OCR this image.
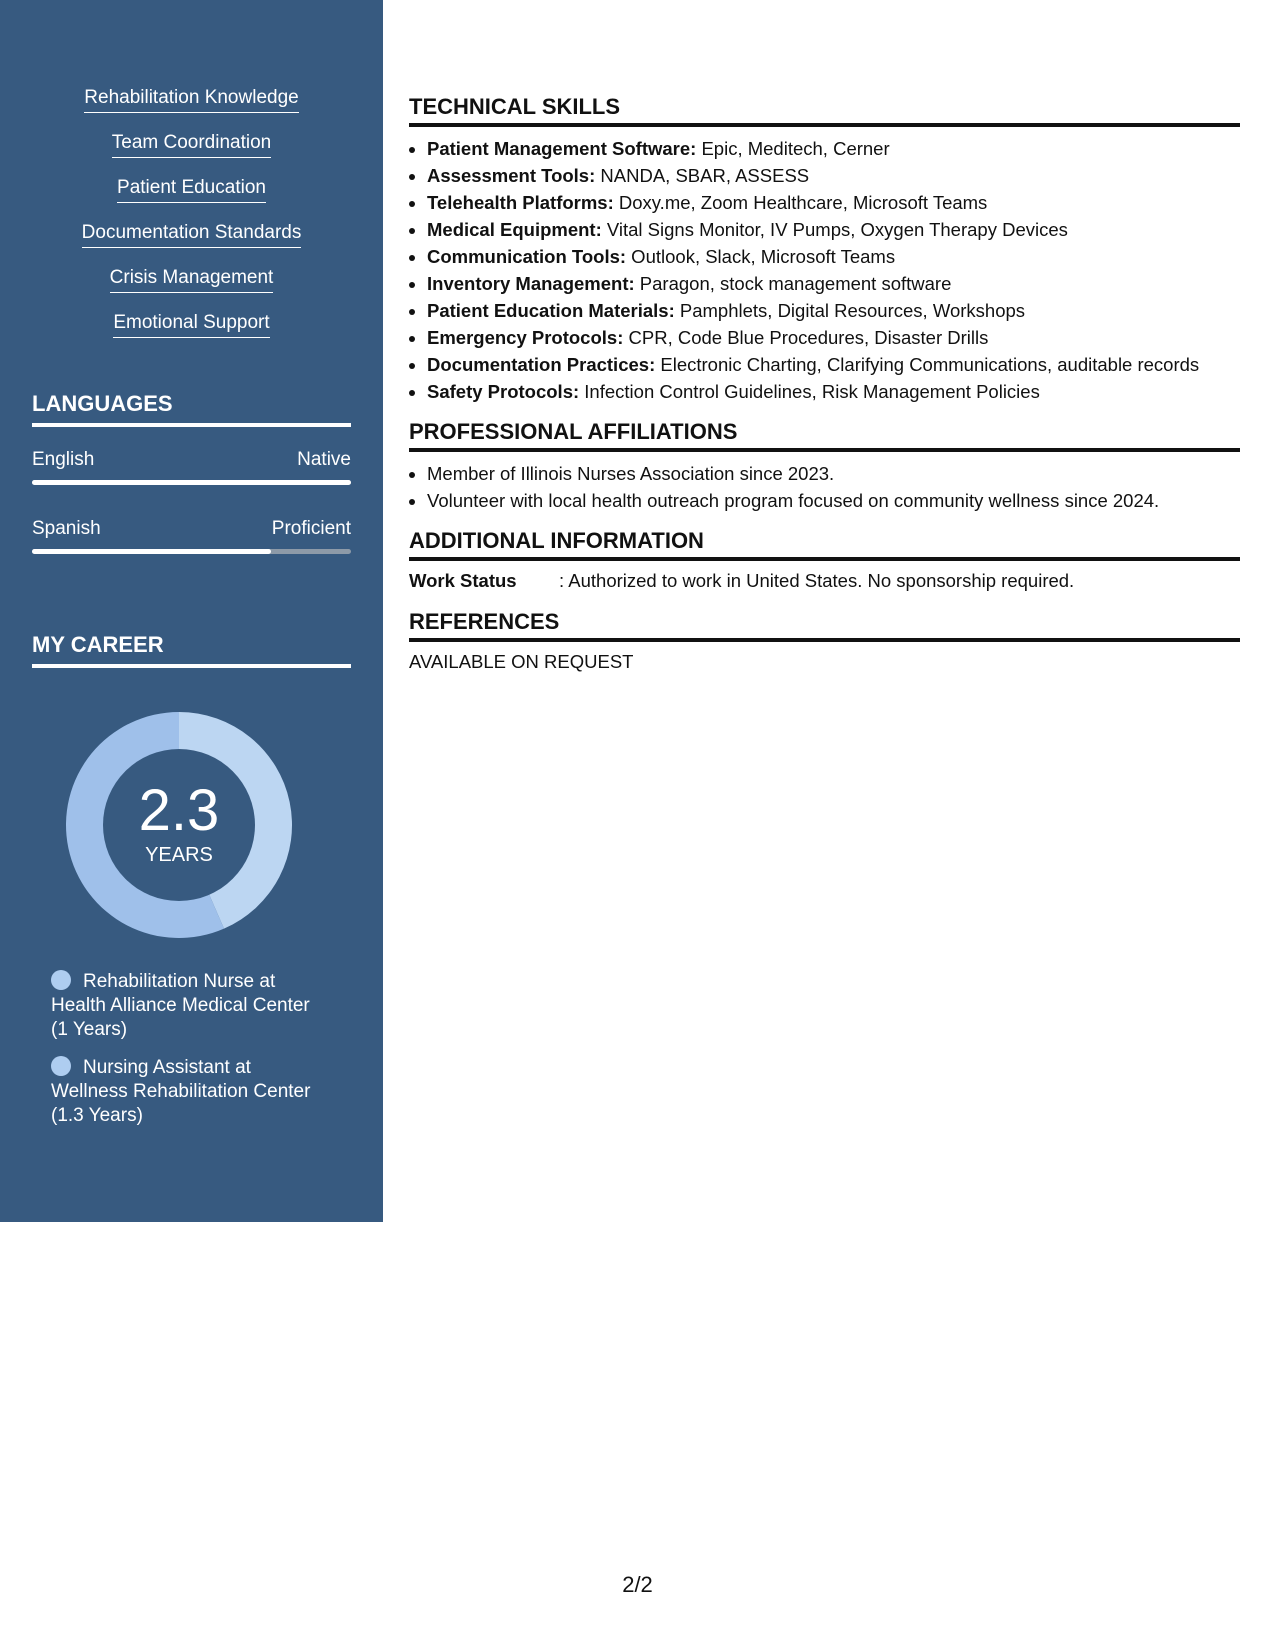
Rehabilitation Knowledge
Team Coordination
Patient Education
Documentation Standards
Crisis Management
Emotional Support
LANGUAGES
English	Native
Spanish	Proficient
MY CAREER
2.3
YEARS
Rehabilitation Nurse at Health Alliance Medical Center (1 Years)
Nursing Assistant at Wellness Rehabilitation Center (1.3 Years)
TECHNICAL SKILLS
• Patient Management Software: Epic, Meditech, Cerner
• Assessment Tools: NANDA, SBAR, ASSESS
• Telehealth Platforms: Doxy.me, Zoom Healthcare, Microsoft Teams
• Medical Equipment: Vital Signs Monitor, IV Pumps, Oxygen Therapy Devices
• Communication Tools: Outlook, Slack, Microsoft Teams
• Inventory Management: Paragon, stock management software
• Patient Education Materials: Pamphlets, Digital Resources, Workshops
• Emergency Protocols: CPR, Code Blue Procedures, Disaster Drills
• Documentation Practices: Electronic Charting, Clarifying Communications, auditable records
• Safety Protocols: Infection Control Guidelines, Risk Management Policies
PROFESSIONAL AFFILIATIONS
• Member of Illinois Nurses Association since 2023.
• Volunteer with local health outreach program focused on community wellness since 2024.
ADDITIONAL INFORMATION
Work Status	: Authorized to work in United States. No sponsorship required.
REFERENCES
AVAILABLE ON REQUEST
2/2
